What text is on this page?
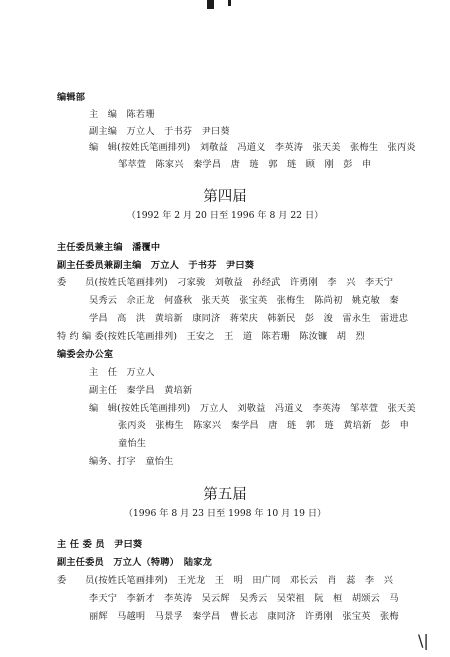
编辑部
主　编　陈若珊
副主编　万立人　于书芬　尹曰葵
编　辑(按姓氏笔画排列)　刘敬益　冯道义　李英涛　张天美　张梅生　张丙炎
邹萃萱　陈家兴　秦学昌　唐　琏　郭　琏　顾　刚　彭　申
第四届
（1992 年 2 月 20 日至 1996 年 8 月 22 日）
主任委员兼主编　潘覆中
副主任委员兼副主编　万立人　于书芬　尹曰葵
委　　员(按姓氏笔画排列)　刁家骏　刘敬益　孙经武　许勇刚　李　兴　李天宁
吴秀云　佘正龙　何盛秋　张天英　张宝英　张梅生　陈尚初　姚克敏　秦
学昌　高　洪　黄培新　康同济　蒋荣庆　韩新民　彭　浚　雷永生　雷进忠
特 约 编 委(按姓氏笔画排列)　王安之　王　道　陈若珊　陈汝镰　胡　烈
编委会办公室
主　任　万立人
副主任　秦学昌　黄培新
编　辑(按姓氏笔画排列)　万立人　刘敬益　冯道义　李英涛　邹萃萱　张天美
张丙炎　张梅生　陈家兴　秦学昌　唐　琏　郭　琏　黄培新　彭　申
童怡生
编务、打字　童怡生
第五届
（1996 年 8 月 23 日至 1998 年 10 月 19 日）
主 任 委 员　尹曰葵
副主任委员　万立人（特聘）　陆家龙
委　　员(按姓氏笔画排列)　王光龙　王　明　田广同　邓长云　肖　蕊　李　兴
李天宁　李新才　李英涛　吴云辉　吴秀云　吴荣祖　阮　桓　胡颂云　马
丽辉　马越明　马景孚　秦学昌　曹长志　康同济　许勇刚　张宝英　张梅
\|
